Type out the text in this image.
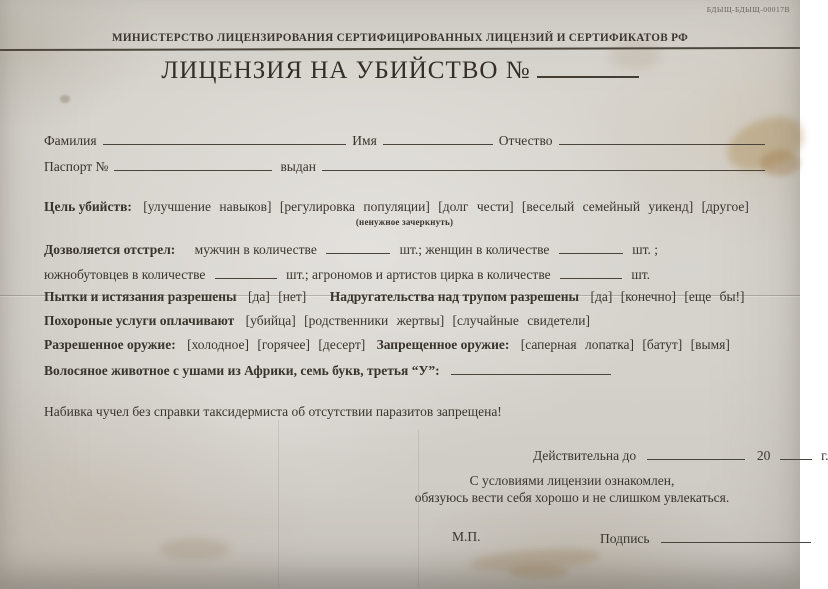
БДЫЩ-БДЫЩ-00017В
МИНИСТЕРСТВО ЛИЦЕНЗИРОВАНИЯ СЕРТИФИЦИРОВАННЫХ ЛИЦЕНЗИЙ И СЕРТИФИКАТОВ РФ
ЛИЦЕНЗИЯ НА УБИЙСТВО №
Фамилия	Имя	Отчество
Паспорт №	выдан
Цель убийств: [улучшение навыков] [регулировка популяции] [долг чести] [веселый семейный уикенд] [другое]
(ненужное зачеркнуть)
Дозволяется отстрел: мужчин в количестве	шт.; женщин в количестве	шт. ;
южнобутовцев в количестве	шт.; агрономов и артистов цирка в количестве	шт.
Пытки и истязания разрешены [да] [нет] Надругательства над трупом разрешены [да] [конечно] [еще бы!]
Похороные услуги оплачивают [убийца] [родственники жертвы] [случайные свидетели]
Разрешенное оружие: [холодное] [горячее] [десерт] Запрещенное оружие: [саперная лопатка] [батут] [вымя]
Волосяное животное с ушами из Африки, семь букв, третья “У”:
Набивка чучел без справки таксидермиста об отсутствии паразитов запрещена!
Действительна до	20	г.
С условиями лицензии ознакомлен,
обязуюсь вести себя хорошо и не слишком увлекаться.
М.П.	Подпись
